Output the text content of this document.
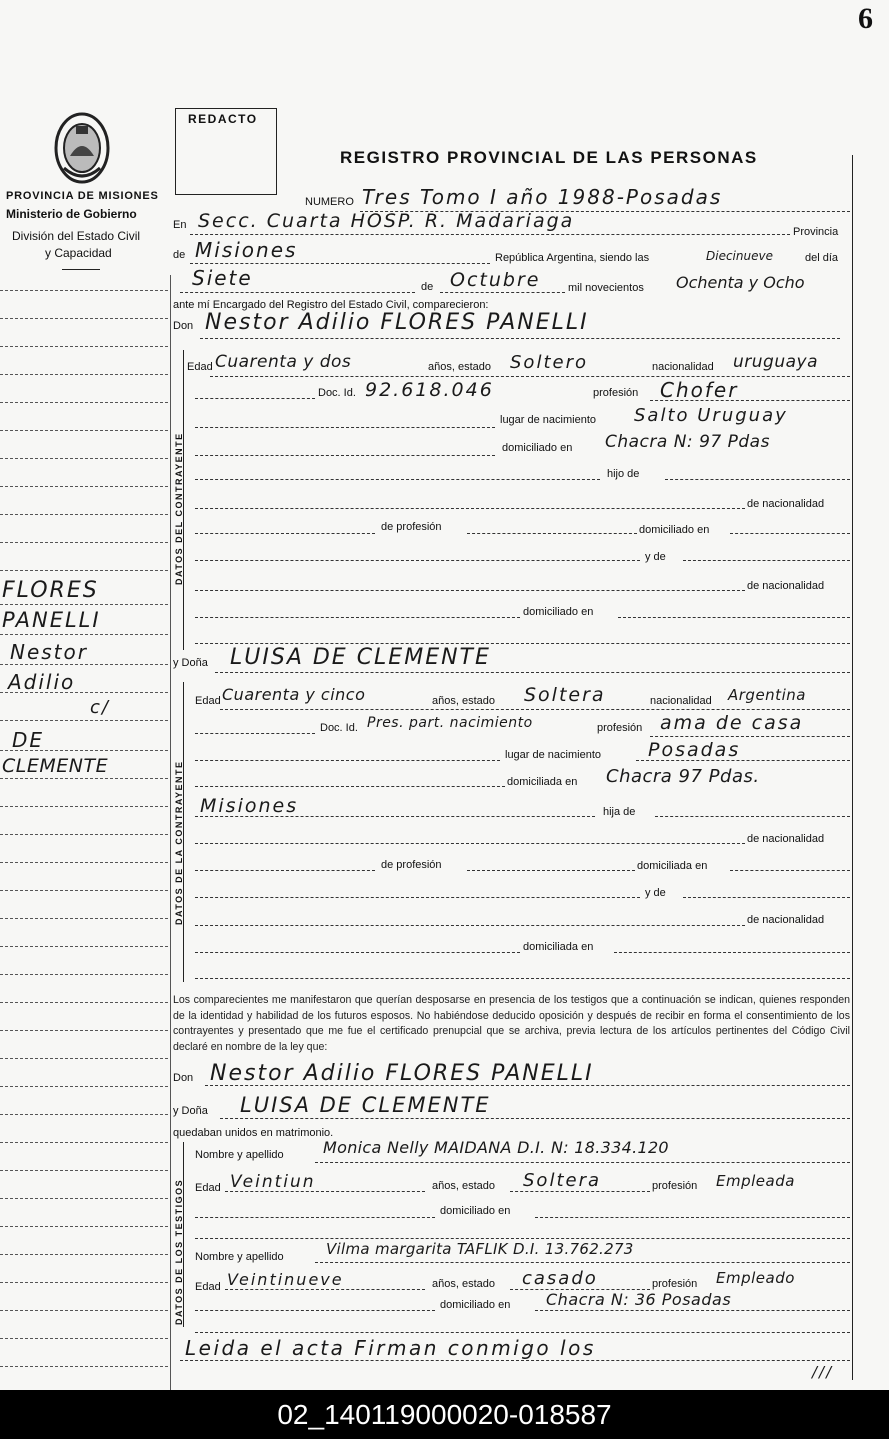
6
PROVINCIA DE MISIONES
Ministerio de Gobierno
División del Estado Civil
y Capacidad
REDACTO
REGISTRO PROVINCIAL DE LAS PERSONAS
NUMERO Tres Tomo I año 1988-Posadas
En Secc. Cuarta HOSP. R. Madariaga	Provincia
de Misiones	República Argentina, siendo las	Diecinueve	del día
Siete	de Octubre	mil novecientos Ochenta y Ocho
ante mí Encargado del Registro del Estado Civil, comparecieron:
Don Nestor Adilio FLORES PANELLI
DATOS DEL CONTRAYENTE
Edad Cuarenta y dos	años, estado Soltero	nacionalidad uruguaya
Doc. Id. 92.618.046	profesión Chofer
lugar de nacimiento Salto Uruguay
domiciliado en Chacra N: 97 Pdas
hijo de
de nacionalidad
de profesión	domiciliado en
y de
de nacionalidad
domiciliado en
y Doña LUISA DE CLEMENTE
DATOS DE LA CONTRAYENTE
Edad Cuarenta y cinco	años, estado Soltera	nacionalidad Argentina
Doc. Id. Pres. part. nacimiento	profesión ama de casa
lugar de nacimiento Posadas
domiciliada en Chacra 97 Pdas.
Misiones	hija de
de nacionalidad
de profesión	domiciliada en
y de
de nacionalidad
domiciliada en
Los comparecientes me manifestaron que querían desposarse en presencia de los testigos que a continuación se indican, quienes responden de la identidad y habilidad de los futuros esposos. No habiéndose deducido oposición y después de recibir en forma el consentimiento de los contrayentes y presentado que me fue el certificado prenupcial que se archiva, previa lectura de los artículos pertinentes del Código Civil declaré en nombre de la ley que:
Don Nestor Adilio FLORES PANELLI
y Doña LUISA DE CLEMENTE
quedaban unidos en matrimonio.
DATOS DE LOS TESTIGOS
Nombre y apellido Monica Nelly MAIDANA D.I. N: 18.334.120
Edad Veintiun	años, estado Soltera	profesión Empleada
domiciliado en
Nombre y apellido	Vilma margarita TAFLIK D.I. 13.762.273
Edad Veintinueve	años, estado casado	profesión Empleado
domiciliado en Chacra N: 36 Posadas
Leida el acta Firman conmigo los
///
FLORES
PANELLI
Nestor
Adilio
c/
DE
CLEMENTE
02_140119000020-018587
